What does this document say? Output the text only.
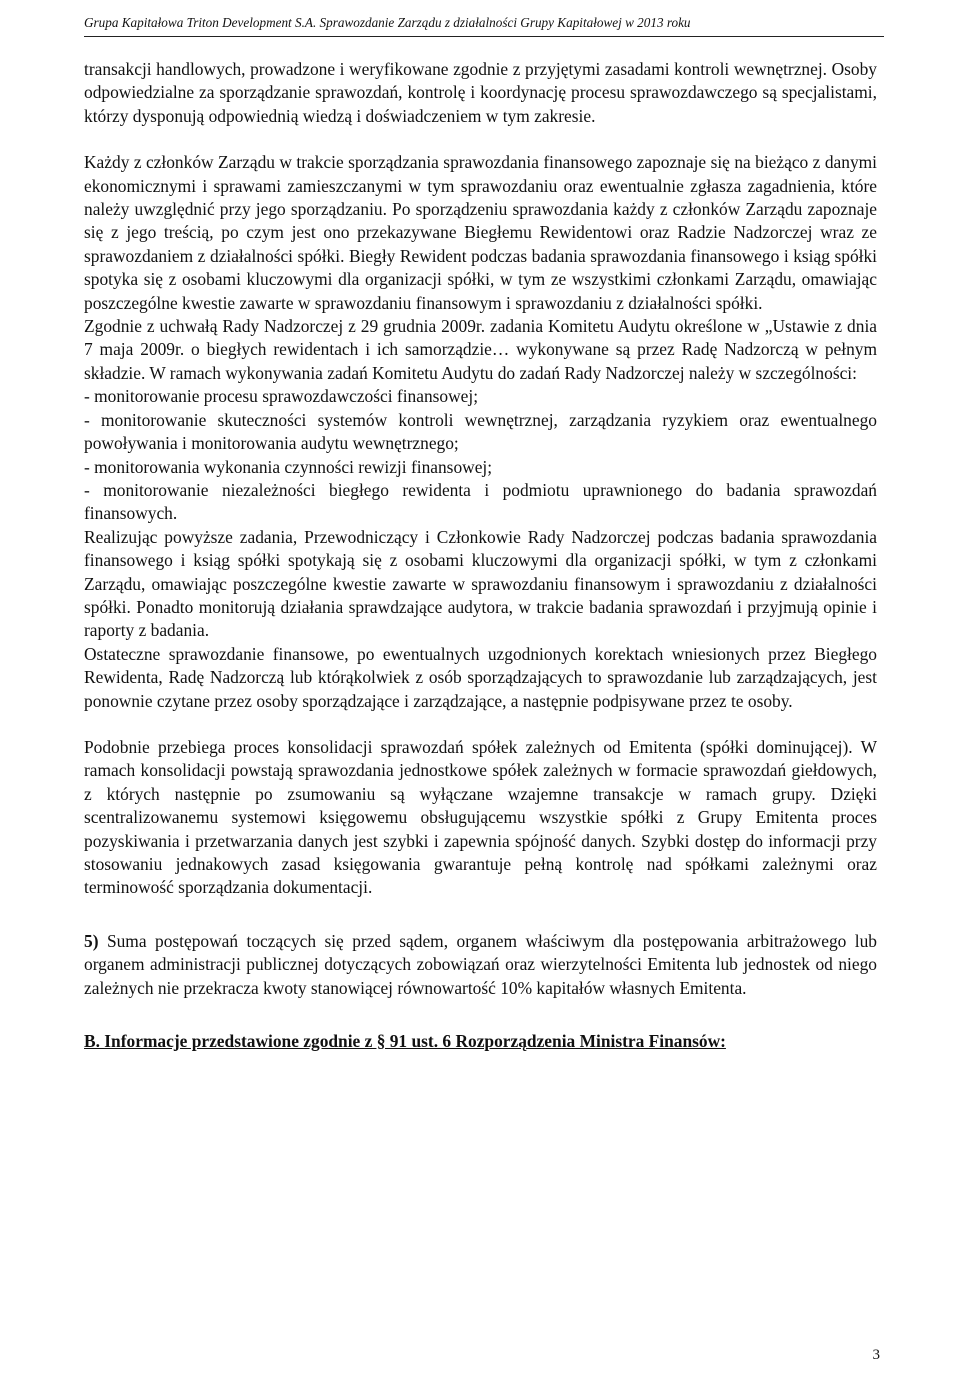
Grupa Kapitałowa Triton Development S.A. Sprawozdanie Zarządu z działalności Grupy Kapitałowej w 2013 roku

transakcji handlowych, prowadzone i weryfikowane zgodnie z przyjętymi zasadami kontroli wewnętrznej. Osoby odpowiedzialne za sporządzanie sprawozdań, kontrolę i koordynację procesu sprawozdawczego są specjalistami, którzy dysponują odpowiednią wiedzą i doświadczeniem w tym zakresie.

Każdy z członków Zarządu w trakcie sporządzania sprawozdania finansowego zapoznaje się na bieżąco z danymi ekonomicznymi i sprawami zamieszczanymi w tym sprawozdaniu oraz ewentualnie zgłasza zagadnienia, które należy uwzględnić przy jego sporządzaniu. Po sporządzeniu sprawozdania każdy z członków Zarządu zapoznaje się z jego treścią, po czym jest ono przekazywane Biegłemu Rewidentowi oraz Radzie Nadzorczej wraz ze sprawozdaniem z działalności spółki. Biegły Rewident podczas badania sprawozdania finansowego i ksiąg spółki spotyka się z osobami kluczowymi dla organizacji spółki, w tym ze wszystkimi członkami Zarządu, omawiając poszczególne kwestie zawarte w sprawozdaniu finansowym i sprawozdaniu z działalności spółki.

Zgodnie z uchwałą Rady Nadzorczej z 29 grudnia 2009r. zadania Komitetu Audytu określone w „Ustawie z dnia 7 maja 2009r. o biegłych rewidentach i ich samorządzie… wykonywane są przez Radę Nadzorczą w pełnym składzie. W ramach wykonywania zadań Komitetu Audytu do zadań Rady Nadzorczej należy w szczególności:

- monitorowanie procesu sprawozdawczości finansowej;

- monitorowanie skuteczności systemów kontroli wewnętrznej, zarządzania ryzykiem oraz ewentualnego powoływania i monitorowania audytu wewnętrznego;

- monitorowania wykonania czynności rewizji finansowej;

- monitorowanie niezależności biegłego rewidenta i podmiotu uprawnionego do badania sprawozdań finansowych.

Realizując powyższe zadania, Przewodniczący i Członkowie Rady Nadzorczej podczas badania sprawozdania finansowego i ksiąg spółki spotykają się z osobami kluczowymi dla organizacji spółki, w tym z członkami Zarządu, omawiając poszczególne kwestie zawarte w sprawozdaniu finansowym i sprawozdaniu z działalności spółki. Ponadto monitorują działania sprawdzające audytora, w trakcie badania sprawozdań i przyjmują opinie i raporty z badania.

Ostateczne sprawozdanie finansowe, po ewentualnych uzgodnionych korektach wniesionych przez Biegłego Rewidenta, Radę Nadzorczą lub którąkolwiek z osób sporządzających to sprawozdanie lub zarządzających, jest ponownie czytane przez osoby sporządzające i zarządzające, a następnie podpisywane przez te osoby.

Podobnie przebiega proces konsolidacji sprawozdań spółek zależnych od Emitenta (spółki dominującej). W ramach konsolidacji powstają sprawozdania jednostkowe spółek zależnych w formacie sprawozdań giełdowych, z których następnie po zsumowaniu są wyłączane wzajemne transakcje w ramach grupy. Dzięki scentralizowanemu systemowi księgowemu obsługującemu wszystkie spółki z Grupy Emitenta proces pozyskiwania i przetwarzania danych jest szybki i zapewnia spójność danych. Szybki dostęp do informacji przy stosowaniu jednakowych zasad księgowania gwarantuje pełną kontrolę nad spółkami zależnymi oraz terminowość sporządzania dokumentacji.

5) Suma postępowań toczących się przed sądem, organem właściwym dla postępowania arbitrażowego lub organem administracji publicznej dotyczących zobowiązań oraz wierzytelności Emitenta lub jednostek od niego zależnych nie przekracza kwoty stanowiącej równowartość 10% kapitałów własnych Emitenta.

B. Informacje przedstawione zgodnie z § 91 ust. 6 Rozporządzenia Ministra Finansów:

3
